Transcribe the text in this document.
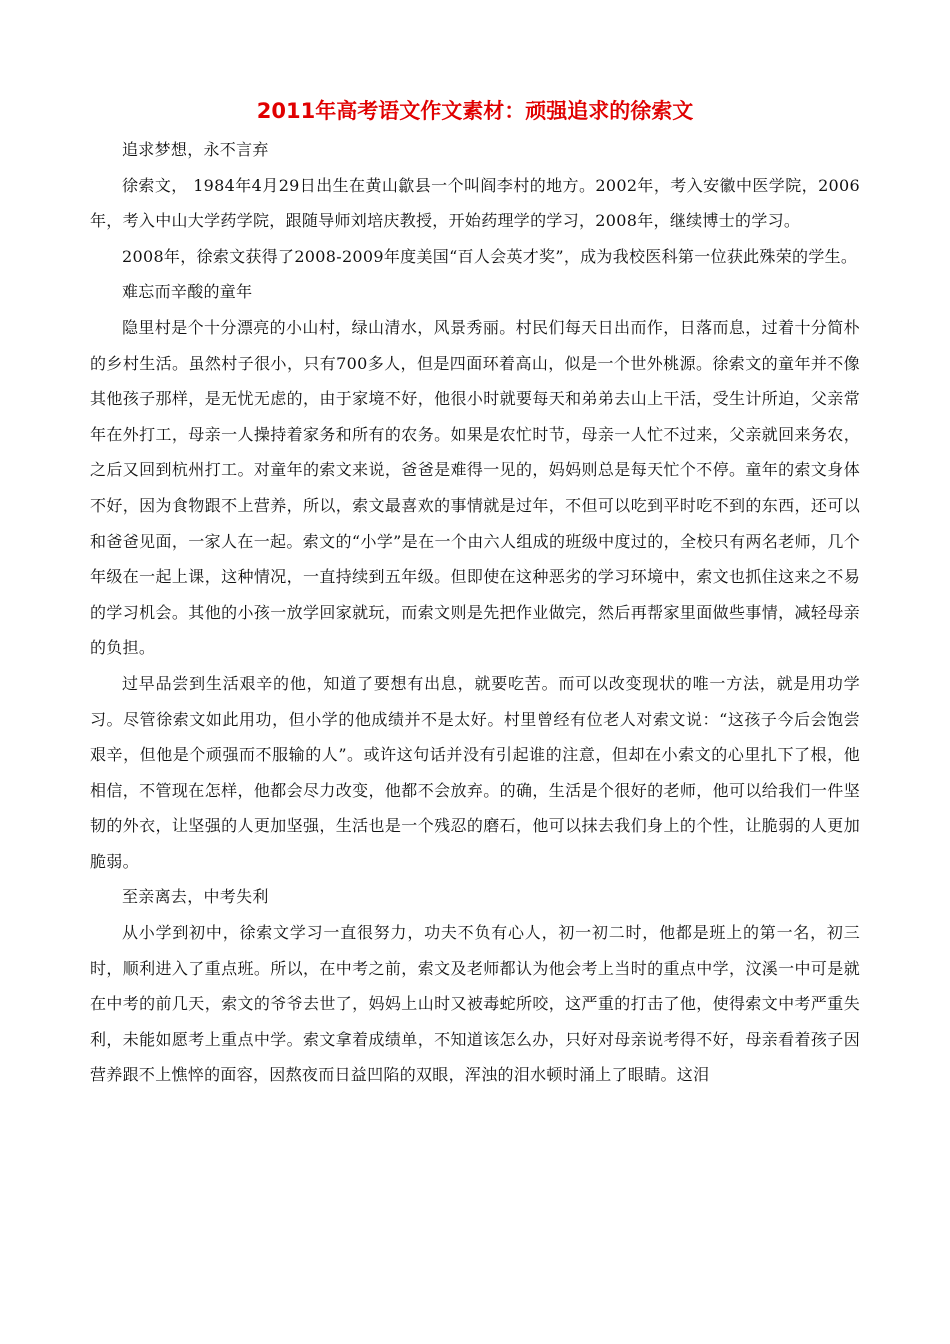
2011年高考语文作文素材：顽强追求的徐索文

追求梦想，永不言弃

徐索文， 1984年4月29日出生在黄山歙县一个叫阎李村的地方。2002年，考入安徽中医学院，2006年，考入中山大学药学院，跟随导师刘培庆教授，开始药理学的学习，2008年，继续博士的学习。

2008年，徐索文获得了2008-2009年度美国“百人会英才奖”，成为我校医科第一位获此殊荣的学生。

难忘而辛酸的童年

隐里村是个十分漂亮的小山村，绿山清水，风景秀丽。村民们每天日出而作，日落而息，过着十分简朴的乡村生活。虽然村子很小，只有700多人，但是四面环着高山，似是一个世外桃源。徐索文的童年并不像其他孩子那样，是无忧无虑的，由于家境不好，他很小时就要每天和弟弟去山上干活，受生计所迫，父亲常年在外打工，母亲一人操持着家务和所有的农务。如果是农忙时节，母亲一人忙不过来，父亲就回来务农，之后又回到杭州打工。对童年的索文来说，爸爸是难得一见的，妈妈则总是每天忙个不停。童年的索文身体不好，因为食物跟不上营养，所以，索文最喜欢的事情就是过年，不但可以吃到平时吃不到的东西，还可以和爸爸见面，一家人在一起。索文的“小学”是在一个由六人组成的班级中度过的，全校只有两名老师，几个年级在一起上课，这种情况，一直持续到五年级。但即使在这种恶劣的学习环境中，索文也抓住这来之不易的学习机会。其他的小孩一放学回家就玩，而索文则是先把作业做完，然后再帮家里面做些事情，减轻母亲的负担。

过早品尝到生活艰辛的他，知道了要想有出息，就要吃苦。而可以改变现状的唯一方法，就是用功学习。尽管徐索文如此用功，但小学的他成绩并不是太好。村里曾经有位老人对索文说：“这孩子今后会饱尝艰辛，但他是个顽强而不服输的人”。或许这句话并没有引起谁的注意，但却在小索文的心里扎下了根，他相信，不管现在怎样，他都会尽力改变，他都不会放弃。的确，生活是个很好的老师，他可以给我们一件坚韧的外衣，让坚强的人更加坚强，生活也是一个残忍的磨石，他可以抹去我们身上的个性，让脆弱的人更加脆弱。

至亲离去，中考失利

从小学到初中，徐索文学习一直很努力，功夫不负有心人，初一初二时，他都是班上的第一名，初三时，顺利进入了重点班。所以，在中考之前，索文及老师都认为他会考上当时的重点中学，汶溪一中可是就在中考的前几天，索文的爷爷去世了，妈妈上山时又被毒蛇所咬，这严重的打击了他，使得索文中考严重失利，未能如愿考上重点中学。索文拿着成绩单，不知道该怎么办，只好对母亲说考得不好，母亲看着孩子因营养跟不上憔悴的面容，因熬夜而日益凹陷的双眼，浑浊的泪水顿时涌上了眼睛。这泪
